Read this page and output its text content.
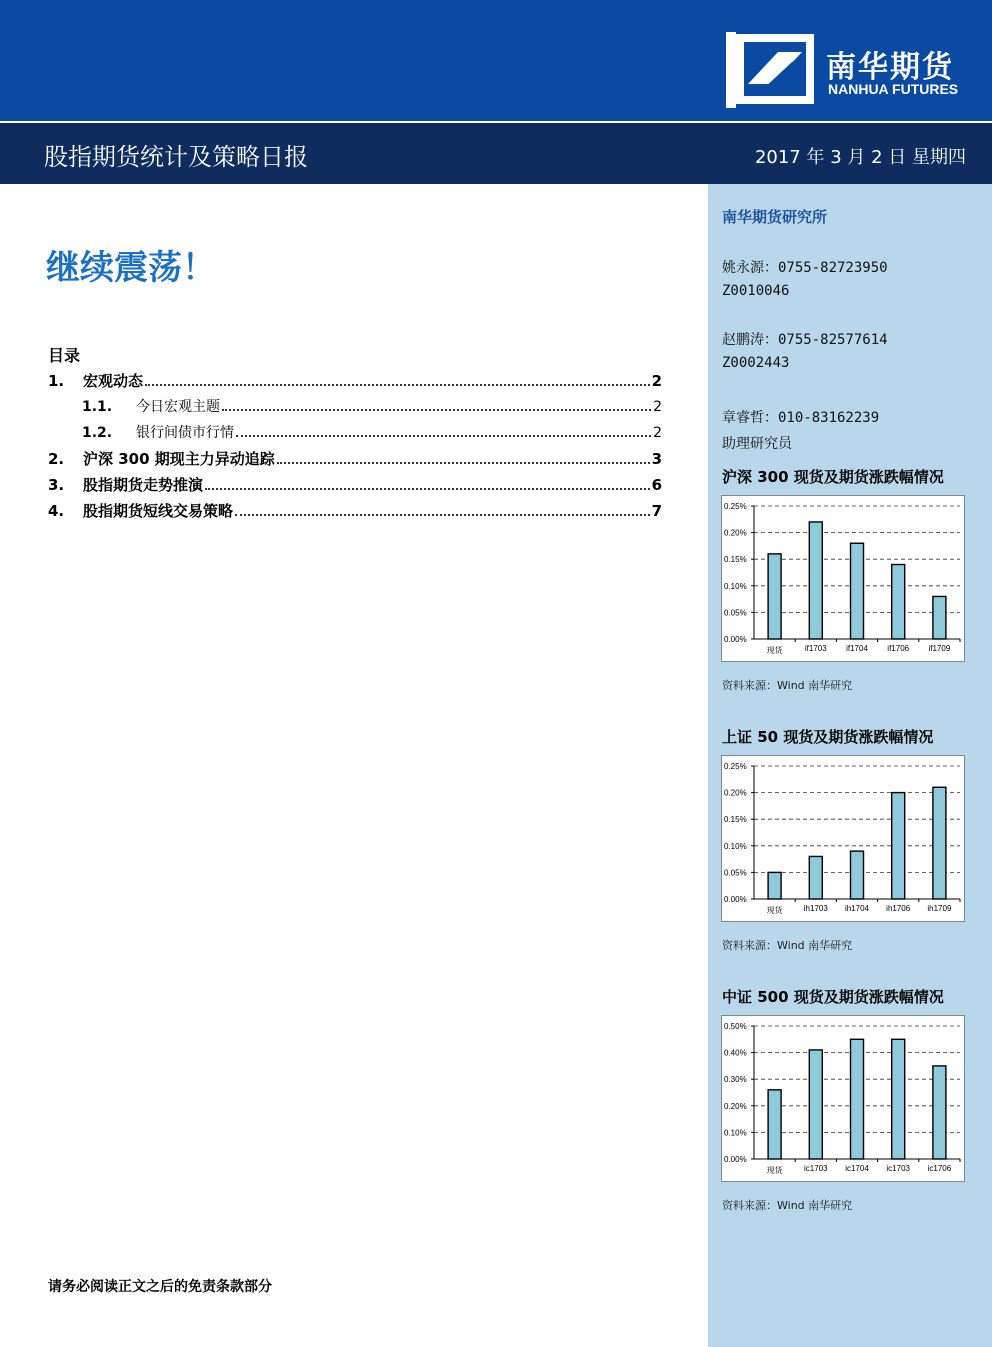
南华期货
NANHUA FUTURES
股指期货统计及策略日报	2017 年 3 月 2 日 星期四
继续震荡！
目录
1.	宏观动态	2
1.1.	今日宏观主题	2
1.2.	银行间债市行情	2
2.	沪深 300 期现主力异动追踪	3
3.	股指期货走势推演	6
4.	股指期货短线交易策略	7
请务必阅读正文之后的免责条款部分
南华期货研究所
姚永源：0755-82723950
Z0010046
赵鹏涛：0755-82577614
Z0002443
章睿哲：010-83162239
助理研究员
沪深 300 现货及期货涨跌幅情况
0.00%
0.05%
0.10%
0.15%
0.20%
0.25%
现货	if1703 if1704 if1706 if1709
资料来源：Wind 南华研究
上证 50 现货及期货涨跌幅情况
0.00%
0.05%
0.10%
0.15%
0.20%
0.25%
现货	ih1703 ih1704 ih1706 ih1709
资料来源：Wind 南华研究
中证 500 现货及期货涨跌幅情况
0.00%
0.10%
0.20%
0.30%
0.40%
0.50%
现货	ic1703 ic1704 ic1703 ic1706
资料来源：Wind 南华研究
